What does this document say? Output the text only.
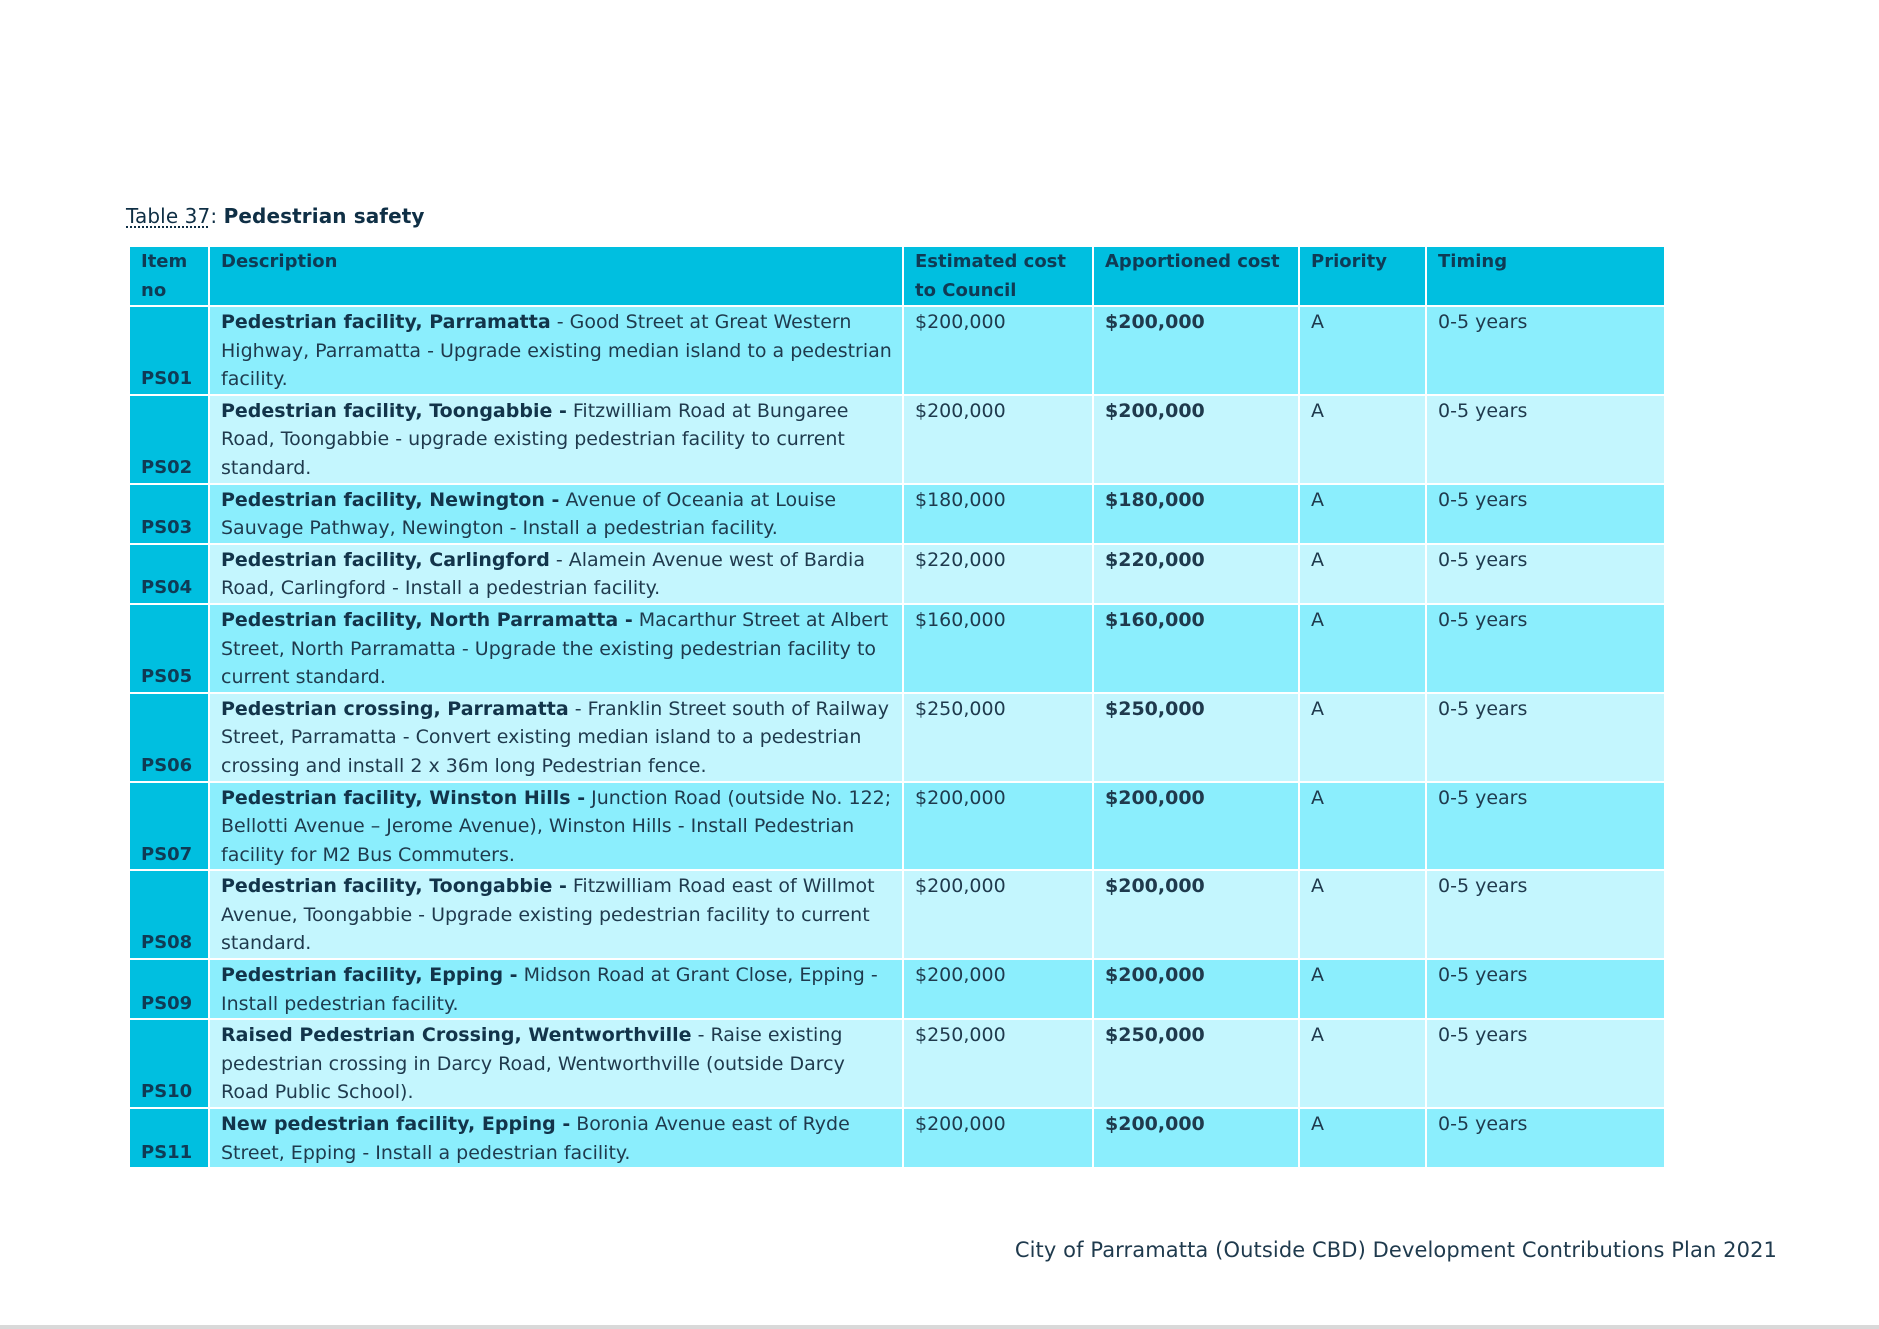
Table 37: Pedestrian safety
Item no	Description	Estimated cost to Council	Apportioned cost	Priority	Timing
PS01	Pedestrian facility, Parramatta - Good Street at Great Western Highway, Parramatta - Upgrade existing median island to a pedestrian facility.	$200,000	$200,000	A	0-5 years
PS02	Pedestrian facility, Toongabbie - Fitzwilliam Road at Bungaree Road, Toongabbie - upgrade existing pedestrian facility to current standard.	$200,000	$200,000	A	0-5 years
PS03	Pedestrian facility, Newington - Avenue of Oceania at Louise Sauvage Pathway, Newington - Install a pedestrian facility.	$180,000	$180,000	A	0-5 years
PS04	Pedestrian facility, Carlingford - Alamein Avenue west of Bardia Road, Carlingford - Install a pedestrian facility.	$220,000	$220,000	A	0-5 years
PS05	Pedestrian facility, North Parramatta - Macarthur Street at Albert Street, North Parramatta - Upgrade the existing pedestrian facility to current standard.	$160,000	$160,000	A	0-5 years
PS06	Pedestrian crossing, Parramatta - Franklin Street south of Railway Street, Parramatta - Convert existing median island to a pedestrian crossing and install 2 x 36m long Pedestrian fence.	$250,000	$250,000	A	0-5 years
PS07	Pedestrian facility, Winston Hills - Junction Road (outside No. 122; Bellotti Avenue – Jerome Avenue), Winston Hills - Install Pedestrian facility for M2 Bus Commuters.	$200,000	$200,000	A	0-5 years
PS08	Pedestrian facility, Toongabbie - Fitzwilliam Road east of Willmot Avenue, Toongabbie - Upgrade existing pedestrian facility to current standard.	$200,000	$200,000	A	0-5 years
PS09	Pedestrian facility, Epping - Midson Road at Grant Close, Epping - Install pedestrian facility.	$200,000	$200,000	A	0-5 years
PS10	Raised Pedestrian Crossing, Wentworthville - Raise existing pedestrian crossing in Darcy Road, Wentworthville (outside Darcy Road Public School).	$250,000	$250,000	A	0-5 years
PS11	New pedestrian facility, Epping - Boronia Avenue east of Ryde Street, Epping - Install a pedestrian facility.	$200,000	$200,000	A	0-5 years
City of Parramatta (Outside CBD) Development Contributions Plan 2021
